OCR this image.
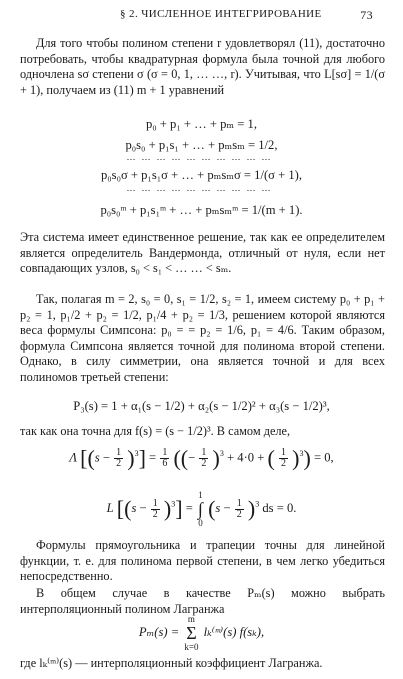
§ 2. ЧИСЛЕННОЕ ИНТЕГРИРОВАНИЕ	73
Для того чтобы полином степени r удовлетворял (11), достаточно потребовать, чтобы квадратурная формула была точной для любого одночлена sσ степени σ (σ = 0, 1, … …, r). Учитывая, что L[sσ] = 1/(σ + 1), получаем из (11) m + 1 уравнений
p₀ + p₁ + … + pₘ = 1,
p₀s₀ + p₁s₁ + … + pₘsₘ = 1/2,
…………………………
p₀s₀σ + p₁s₁σ + … + pₘsₘσ = 1/(σ + 1),
…………………………
p₀s₀ᵐ + p₁s₁ᵐ + … + pₘsₘᵐ = 1/(m + 1).
Эта система имеет единственное решение, так как ее определителем является определитель Вандермонда, отличный от нуля, если нет совпадающих узлов, s₀ < s₁ < … … < sₘ.
Так, полагая m = 2, s₀ = 0, s₁ = 1/2, s₂ = 1, имеем систему p₀ + p₁ + p₂ = 1, p₁/2 + p₂ = 1/2, p₁/4 + p₂ = 1/3, решением которой являются веса формулы Симпсона: p₀ = = p₂ = 1/6, p₁ = 4/6. Таким образом, формула Симпсона является точной для полинома второй степени. Однако, в силу симметрии, она является точной и для всех полиномов третьей степени:
P₃(s) = 1 + α₁(s − 1/2) + α₂(s − 1/2)² + α₃(s − 1/2)³,
так как она точна для f(s) = (s − 1/2)³. В самом деле,
Λ $[(s - \frac{1}{2} )^3] = \frac{1}{6}$ ((− $\frac{1}{2} )^3 + 4\cdot 0$ + ( $\frac{1}{2} )^3) = 0$,
L $[(s - \frac{1}{2} )^3] = 1$
∫
0 $(s - \frac{1}{2} )^3$ ds = 0.
Формулы прямоугольника и трапеции точны для линейной функции, т. е. для полинома первой степени, в чем легко убедиться непосредственно.
В общем случае в качестве Pₘ(s) можно выбрать интерполяционный полином Лагранжа
Pₘ(s) = m
Σ
k=0 lₖ⁽ᵐ⁾(s) f(sₖ),
где lₖ⁽ᵐ⁾(s) — интерполяционный коэффициент Лагранжа.
